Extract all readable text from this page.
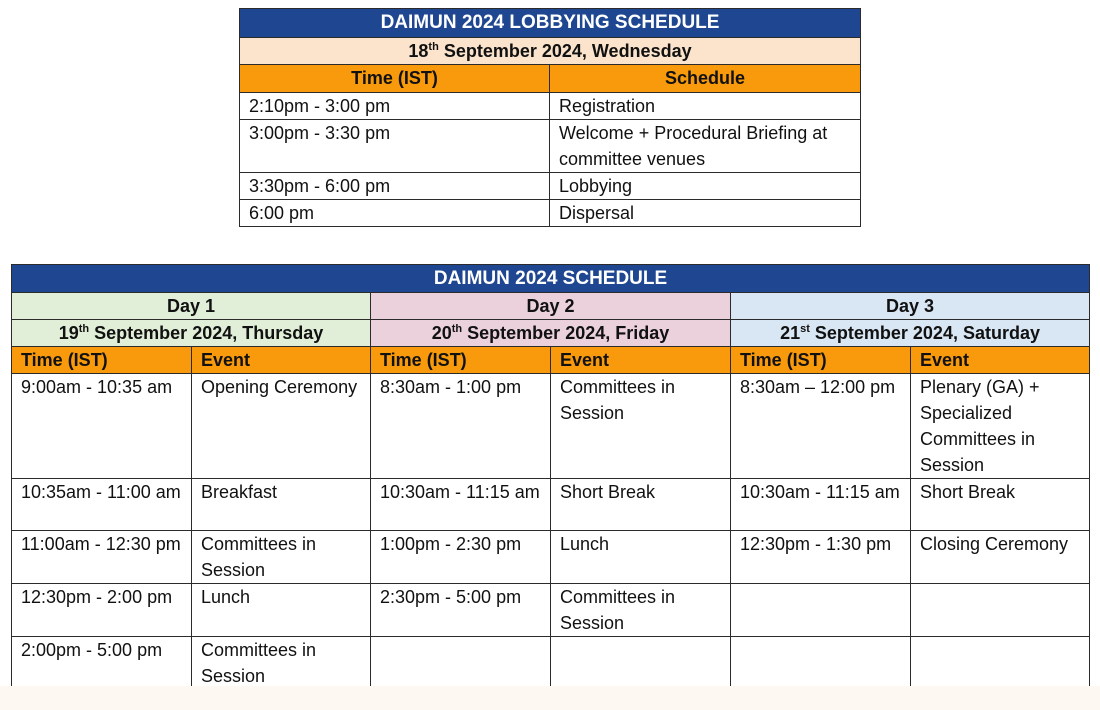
DAIMUN 2024 LOBBYING SCHEDULE	
18th September 2024, Wednesday	
Time (IST)	Schedule
2:10pm - 3:00 pm	Registration
3:00pm - 3:30 pm	Welcome + Procedural Briefing at committee venues
3:30pm - 6:00 pm	Lobbying
6:00 pm	Dispersal
DAIMUN 2024 SCHEDULE					
Day 1		Day 2		Day 3	
19th September 2024, Thursday		20th September 2024, Friday		21st September 2024, Saturday	
Time (IST)	Event	Time (IST)	Event	Time (IST)	Event
9:00am - 10:35 am	Opening Ceremony	8:30am - 1:00 pm	Committees in Session	8:30am – 12:00 pm	Plenary (GA) + Specialized Committees in Session
10:35am - 11:00 am	Breakfast	10:30am - 11:15 am	Short Break	10:30am - 11:15 am	Short Break
11:00am - 12:30 pm	Committees in Session	1:00pm - 2:30 pm	Lunch	12:30pm - 1:30 pm	Closing Ceremony
12:30pm - 2:00 pm	Lunch	2:30pm - 5:00 pm	Committees in Session		
2:00pm - 5:00 pm	Committees in Session				
